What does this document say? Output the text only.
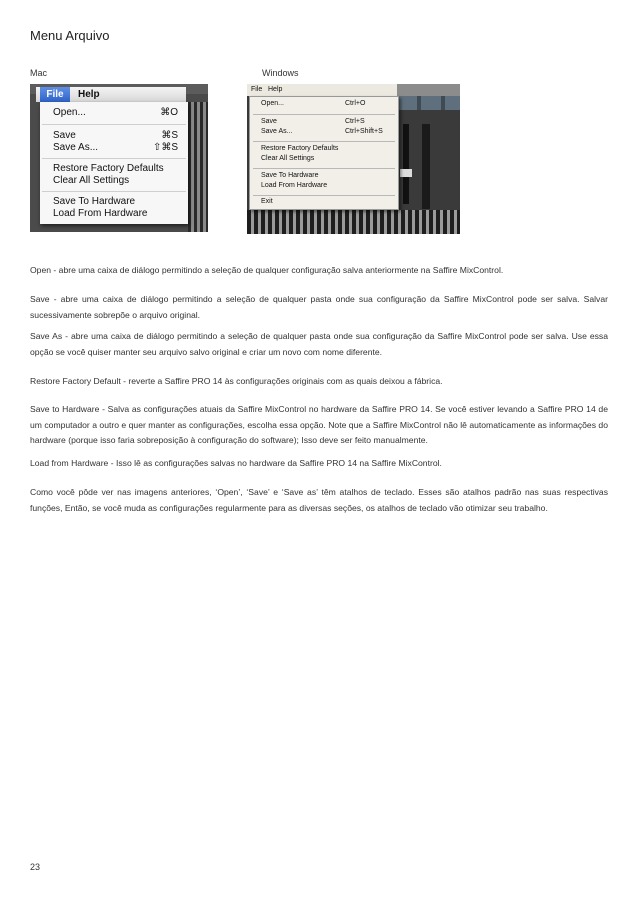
Menu Arquivo
Mac	Windows
File	Help
Open...	⌘O
Save	⌘S
Save As...	⇧⌘S
Restore Factory Defaults
Clear All Settings
Save To Hardware
Load From Hardware
File Help
Open...	Ctrl+O
Save	Ctrl+S
Save As...	Ctrl+Shift+S
Restore Factory Defaults
Clear All Settings
Save To Hardware
Load From Hardware
Exit

Open - abre uma caixa de diálogo permitindo a seleção de qualquer configuração salva anteriormente na Saffire MixControl.

Save - abre uma caixa de diálogo permitindo a seleção de qualquer pasta onde sua configuração da Saffire MixControl pode ser salva. Salvar sucessivamente sobrepõe o arquivo original.

Save As - abre uma caixa de diálogo permitindo a seleção de qualquer pasta onde sua configuração da Saffire MixControl pode ser salva. Use essa opção se você quiser manter seu arquivo salvo original e criar um novo com nome diferente.

Restore Factory Default - reverte a Saffire PRO 14 às configurações originais com as quais deixou a fábrica.

Save to Hardware - Salva as configurações atuais da Saffire MixControl no hardware da Saffire PRO 14. Se você estiver levando a Saffire PRO 14 de um computador a outro e quer manter as configurações, escolha essa opção. Note que a Saffire MixControl não lê automaticamente as informações do hardware (porque isso faria sobreposição à configuração do software); Isso deve ser feito manualmente.

Load from Hardware - Isso lê as configurações salvas no hardware da Saffire PRO 14 na Saffire MixControl.

Como você pôde ver nas imagens anteriores, ‘Open’, ‘Save’ e ‘Save as’ têm atalhos de teclado. Esses são atalhos padrão nas suas respectivas funções, Então, se você muda as configurações regularmente para as diversas seções, os atalhos de teclado vão otimizar seu trabalho.

23
